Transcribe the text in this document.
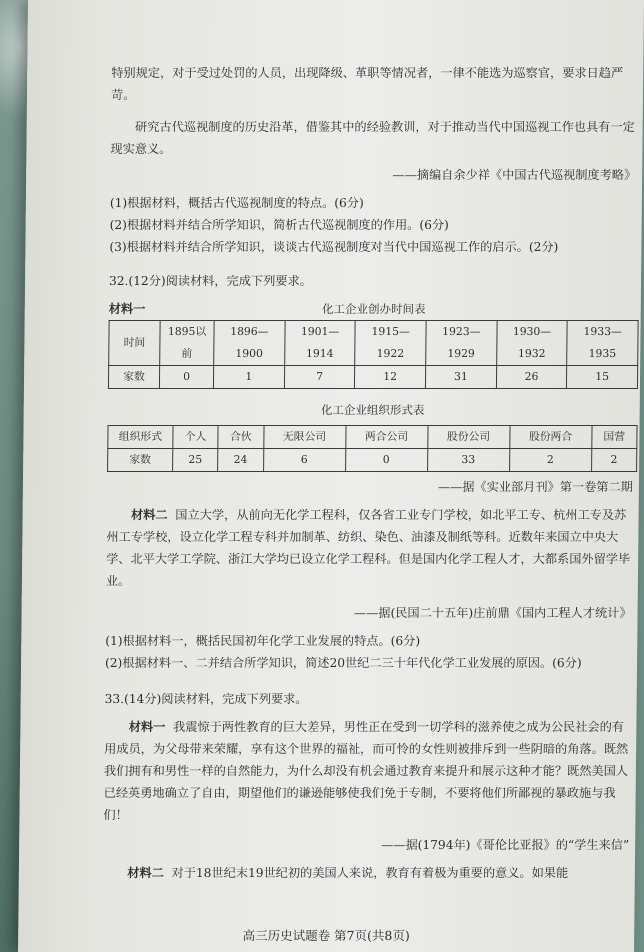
特别规定，对于受过处罚的人员，出现降级、革职等情况者，一律不能选为巡察官，要求日趋严苛。

研究古代巡视制度的历史沿革，借鉴其中的经验教训，对于推动当代中国巡视工作也具有一定现实意义。

——摘编自余少祥《中国古代巡视制度考略》

(1)根据材料，概括古代巡视制度的特点。(6分)

(2)根据材料并结合所学知识，简析古代巡视制度的作用。(6分)

(3)根据材料并结合所学知识，谈谈古代巡视制度对当代中国巡视工作的启示。(2分)

32.(12分)阅读材料，完成下列要求。

材料一	化工企业创办时间表
时间	1895以前	1896—1900	1901—1914	1915—1922	1923—1929	1930—1932	1933—1935
家数	0	1	7	12	31	26	15

化工企业组织形式表

组织形式	个人	合伙	无限公司	两合公司	股份公司	股份两合	国营
家数	25	24	6	0	33	2	2

——据《实业部月刊》第一卷第二期

材料二 国立大学，从前向无化学工程科，仅各省工业专门学校，如北平工专、杭州工专及苏州工专学校，设立化学工程专科并加制革、纺织、染色、油漆及制纸等科。近数年来国立中央大学、北平大学工学院、浙江大学均已设立化学工程科。但是国内化学工程人才，大都系国外留学毕业。

——据(民国二十五年)庄前鼎《国内工程人才统计》

(1)根据材料一，概括民国初年化学工业发展的特点。(6分)

(2)根据材料一、二并结合所学知识，简述20世纪二三十年代化学工业发展的原因。(6分)

33.(14分)阅读材料，完成下列要求。

材料一 我震惊于两性教育的巨大差异，男性正在受到一切学科的滋养使之成为公民社会的有用成员，为父母带来荣耀，享有这个世界的福祉，而可怜的女性则被排斥到一些阴暗的角落。既然我们拥有和男性一样的自然能力，为什么却没有机会通过教育来提升和展示这种才能？既然美国人已经英勇地确立了自由，期望他们的谦逊能够使我们免于专制，不要将他们所鄙视的暴政施与我们！

——据(1794年)《哥伦比亚报》的“学生来信”

材料二 对于18世纪末19世纪初的美国人来说，教育有着极为重要的意义。如果能

高三历史试题卷 第7页(共8页)
